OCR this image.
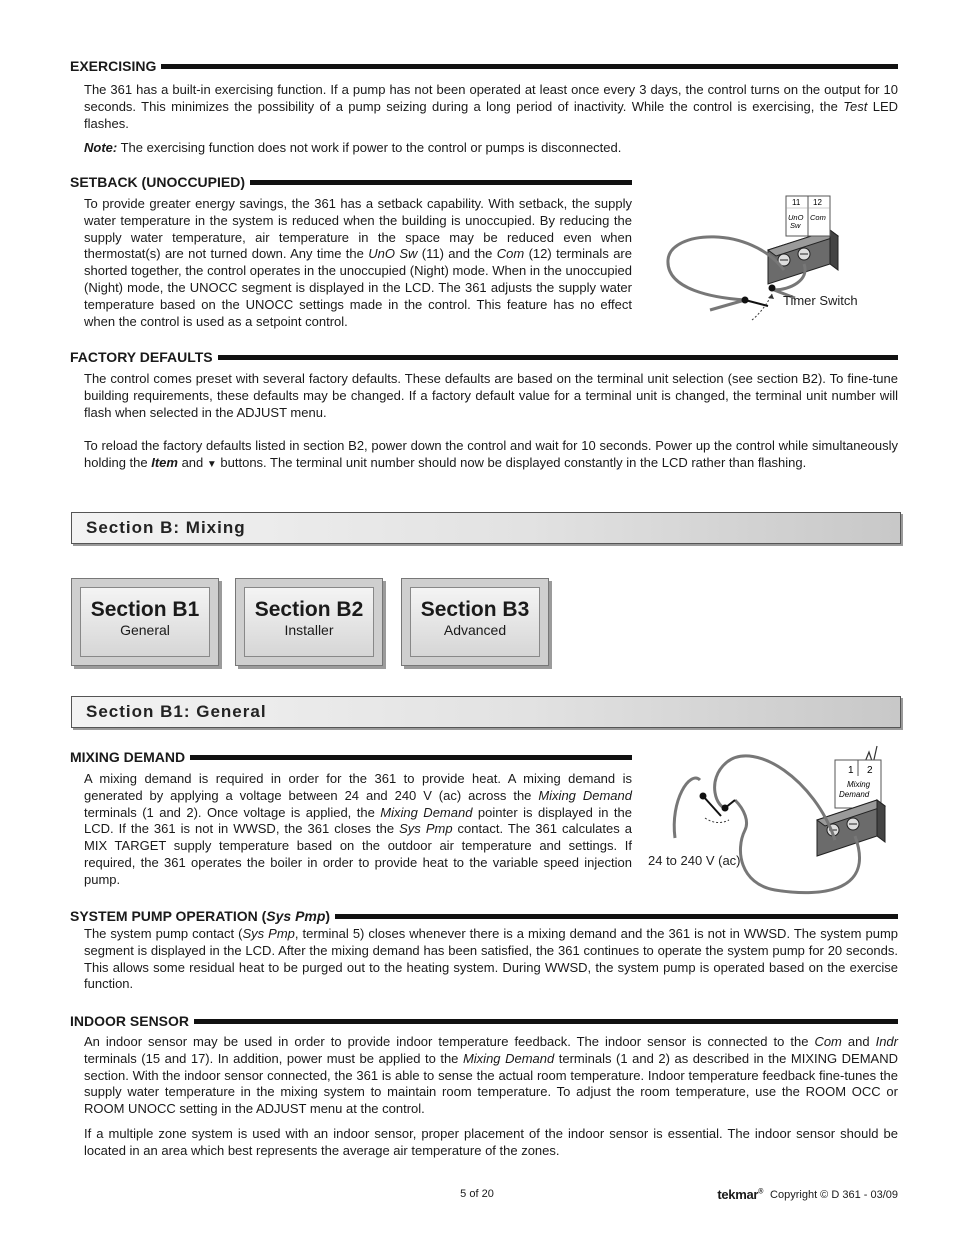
EXERCISING

The 361 has a built-in exercising function. If a pump has not been operated at least once every 3 days, the control turns on the output for 10 seconds. This minimizes the possibility of a pump seizing during a long period of inactivity. While the control is exercising, the Test LED flashes.

Note: The exercising function does not work if power to the control or pumps is disconnected.

SETBACK (UNOCCUPIED)

To provide greater energy savings, the 361 has a setback capability. With setback, the supply water temperature in the system is reduced when the building is unoccupied. By reducing the supply water temperature, air temperature in the space may be reduced even when thermostat(s) are not turned down. Any time the UnO Sw (11) and the Com (12) terminals are shorted together, the control operates in the unoccupied (Night) mode. When in the unoccupied (Night) mode, the UNOCC segment is displayed in the LCD. The 361 adjusts the supply water temperature based on the UNOCC settings made in the control. This feature has no effect when the control is used as a setpoint control.

11 12
UnO
Sw
Com
Timer Switch
FACTORY DEFAULTS

The control comes preset with several factory defaults. These defaults are based on the terminal unit selection (see section B2). To fine-tune building requirements, these defaults may be changed. If a factory default value for a terminal unit is changed, the terminal unit number will flash when selected in the ADJUST menu.

To reload the factory defaults listed in section B2, power down the control and wait for 10 seconds. Power up the control while simultaneously holding the Item and ▼ buttons. The terminal unit number should now be displayed constantly in the LCD rather than flashing.

Section B: Mixing
Section B1
General
Section B2
Installer
Section B3
Advanced
Section B1: General
MIXING DEMAND

A mixing demand is required in order for the 361 to provide heat. A mixing demand is generated by applying a voltage between 24 and 240 V (ac) across the Mixing Demand terminals (1 and 2). Once voltage is applied, the Mixing Demand pointer is displayed in the LCD. If the 361 is not in WWSD, the 361 closes the Sys Pmp contact. The 361 calculates a MIX TARGET supply temperature based on the outdoor air temperature and settings. If required, the 361 operates the boiler in order to provide heat to the variable speed injection pump.

1 2
Mixing
Demand
24 to 240 V (ac)
SYSTEM PUMP OPERATION (Sys Pmp)

The system pump contact (Sys Pmp, terminal 5) closes whenever there is a mixing demand and the 361 is not in WWSD. The system pump segment is displayed in the LCD. After the mixing demand has been satisfied, the 361 continues to operate the system pump for 20 seconds. This allows some residual heat to be purged out to the heating system. During WWSD, the system pump is operated based on the exercise function.

INDOOR SENSOR

An indoor sensor may be used in order to provide indoor temperature feedback. The indoor sensor is connected to the Com and Indr terminals (15 and 17). In addition, power must be applied to the Mixing Demand terminals (1 and 2) as described in the MIXING DEMAND section. With the indoor sensor connected, the 361 is able to sense the actual room temperature. Indoor temperature feedback fine-tunes the supply water temperature in the mixing system to maintain room temperature. To adjust the room temperature, use the ROOM OCC or ROOM UNOCC setting in the ADJUST menu at the control.

If a multiple zone system is used with an indoor sensor, proper placement of the indoor sensor is essential. The indoor sensor should be located in an area which best represents the average air temperature of the zones.

5 of 20	tekmar® Copyright © D 361 - 03/09
